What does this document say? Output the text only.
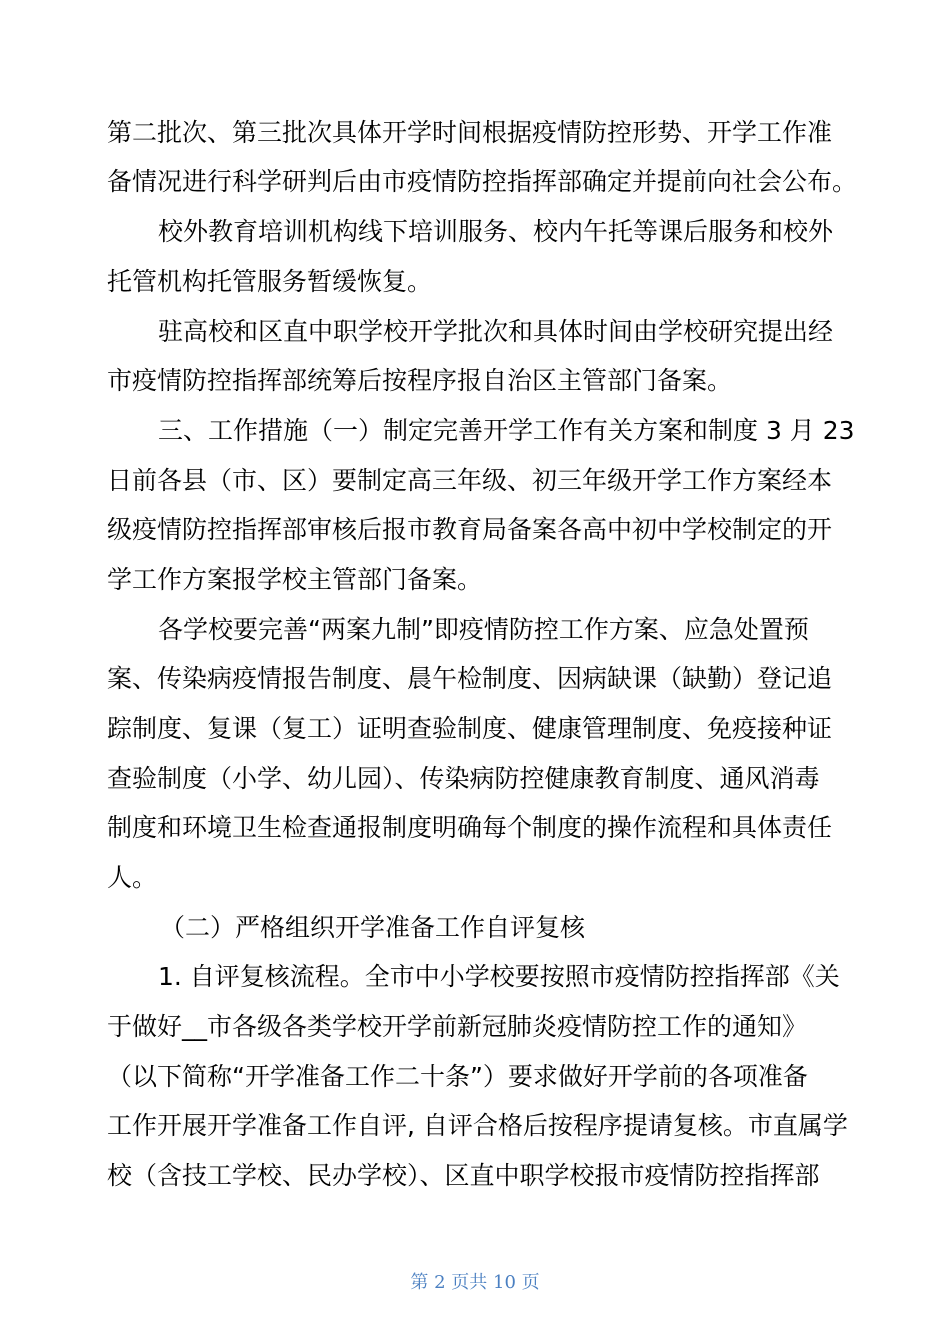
第二批次、第三批次具体开学时间根据疫情防控形势、开学工作准
备情况进行科学研判后由市疫情防控指挥部确定并提前向社会公布。
校外教育培训机构线下培训服务、校内午托等课后服务和校外
托管机构托管服务暂缓恢复。
驻高校和区直中职学校开学批次和具体时间由学校研究提出经
市疫情防控指挥部统筹后按程序报自治区主管部门备案。
三、工作措施（一）制定完善开学工作有关方案和制度 3 月 23
日前各县（市、区）要制定高三年级、初三年级开学工作方案经本
级疫情防控指挥部审核后报市教育局备案各高中初中学校制定的开
学工作方案报学校主管部门备案。
各学校要完善“两案九制”即疫情防控工作方案、应急处置预
案、传染病疫情报告制度、晨午检制度、因病缺课（缺勤）登记追
踪制度、复课（复工）证明查验制度、健康管理制度、免疫接种证
查验制度（小学、幼儿园）、传染病防控健康教育制度、通风消毒
制度和环境卫生检查通报制度明确每个制度的操作流程和具体责任
人。
（二）严格组织开学准备工作自评复核
1. 自评复核流程。全市中小学校要按照市疫情防控指挥部《关
于做好__市各级各类学校开学前新冠肺炎疫情防控工作的通知》
（以下简称“开学准备工作二十条”）要求做好开学前的各项准备
工作开展开学准备工作自评, 自评合格后按程序提请复核。市直属学
校（含技工学校、民办学校）、区直中职学校报市疫情防控指挥部
第 2 页共 10 页
